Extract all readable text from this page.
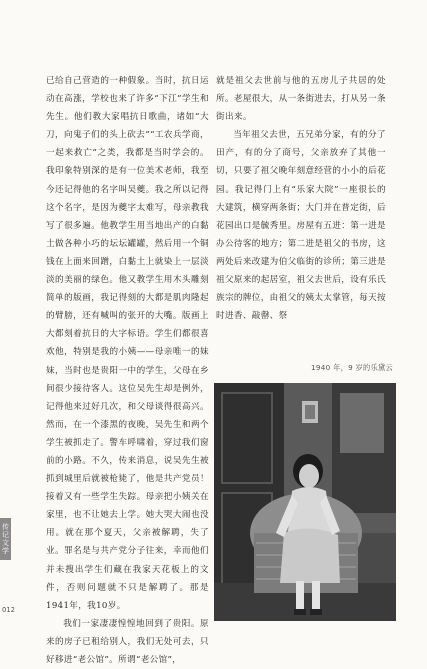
已给自己营造的一种假象。当时，抗日运动在高涨，学校也来了许多“下江”学生和先生。他们教大家唱抗日歌曲，诸如“大刀，向鬼子们的头上砍去”“工农兵学商，一起来救亡”之类，我都是当时学会的。我印象特别深的是有一位美术老师，我至今还记得他的名字叫吴夔。我之所以记得这个名字，是因为夔字太难写，母亲教我写了很多遍。他教学生用当地出产的白黏土做各种小巧的坛坛罐罐，然后用一个铜钱在上面来回蹭，白黏土上就染上一层淡淡的美丽的绿色。他又教学生用木头雕刻简单的版画，我记得刻的大都是肌肉隆起的臂膀，还有喊叫的张开的大嘴。版画上大都刻着抗日的大字标语。学生们都很喜欢他，特别是我的小姨——母亲唯一的妹妹，当时也是贵阳一中的学生，父母在乡间很少接待客人。这位吴先生却是例外，记得他来过好几次，和父母谈得很高兴。然而，在一个漆黑的夜晚，吴先生和两个学生被抓走了。警车呼啸着，穿过我们窗前的小路。不久，传来消息，说吴先生被抓到城里后就被枪毙了，他是共产党员！接着又有一些学生失踪。母亲把小姨关在家里，也不让她去上学。她大哭大闹也没用。就在那个夏天，父亲被解聘，失了业。罪名是与共产党分子往来，幸而他们并未搜出学生们藏在我家天花板上的文件，否则问题就不只是解聘了。那是1941年，我10岁。

我们一家凄凄惶惶地回到了贵阳。原来的房子已租给别人，我们无处可去，只好移进“老公馆”。所谓“老公馆”，

就是祖父去世前与他的五房儿子共居的处所。老屋很大，从一条街进去，打从另一条街出来。

当年祖父去世，五兄弟分家，有的分了田产，有的分了商号，父亲放弃了其他一切，只要了祖父晚年刻意经营的小小的后花园。我记得门上有“乐家大院”一座很长的大建筑，横穿两条街；大门并在普定街，后花园出口是毓秀里。房屋有五进：第一进是办公待客的地方；第二进是祖父的书房，这两处后来改建为伯父临街的诊所；第三进是祖父原来的起居室，祖父去世后，设有乐氏族宗的牌位，由祖父的姨太太掌管，每天按时进香、敲罄、祭

1940 年，9 岁的乐黛云
传记文学
012
